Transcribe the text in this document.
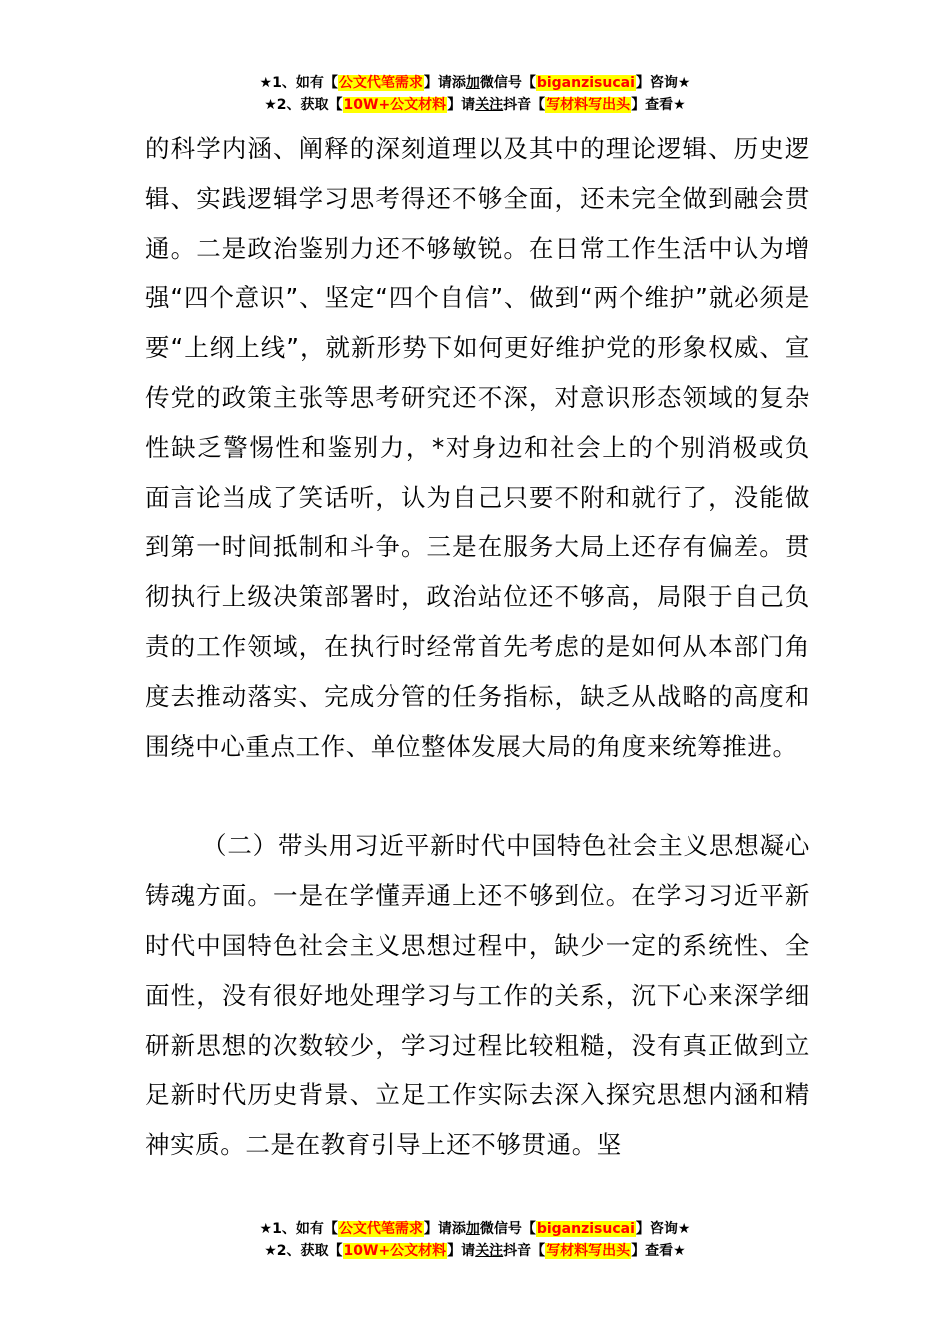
★1、如有【公文代笔需求】请添加微信号【biganzisucai】咨询★
★2、获取【10W+公文材料】请关注抖音【写材料写出头】查看★

的科学内涵、阐释的深刻道理以及其中的理论逻辑、历史逻辑、实践逻辑学习思考得还不够全面，还未完全做到融会贯通。二是政治鉴别力还不够敏锐。在日常工作生活中认为增强“四个意识”、坚定“四个自信”、做到“两个维护”就必须是要“上纲上线”，就新形势下如何更好维护党的形象权威、宣传党的政策主张等思考研究还不深，对意识形态领域的复杂性缺乏警惕性和鉴别力，*对身边和社会上的个别消极或负面言论当成了笑话听，认为自己只要不附和就行了，没能做到第一时间抵制和斗争。三是在服务大局上还存有偏差。贯彻执行上级决策部署时，政治站位还不够高，局限于自己负责的工作领域，在执行时经常首先考虑的是如何从本部门角度去推动落实、完成分管的任务指标，缺乏从战略的高度和围绕中心重点工作、单位整体发展大局的角度来统筹推进。

（二）带头用习近平新时代中国特色社会主义思想凝心铸魂方面。一是在学懂弄通上还不够到位。在学习习近平新时代中国特色社会主义思想过程中，缺少一定的系统性、全面性，没有很好地处理学习与工作的关系，沉下心来深学细研新思想的次数较少，学习过程比较粗糙，没有真正做到立足新时代历史背景、立足工作实际去深入探究思想内涵和精神实质。二是在教育引导上还不够贯通。坚

★1、如有【公文代笔需求】请添加微信号【biganzisucai】咨询★
★2、获取【10W+公文材料】请关注抖音【写材料写出头】查看★
